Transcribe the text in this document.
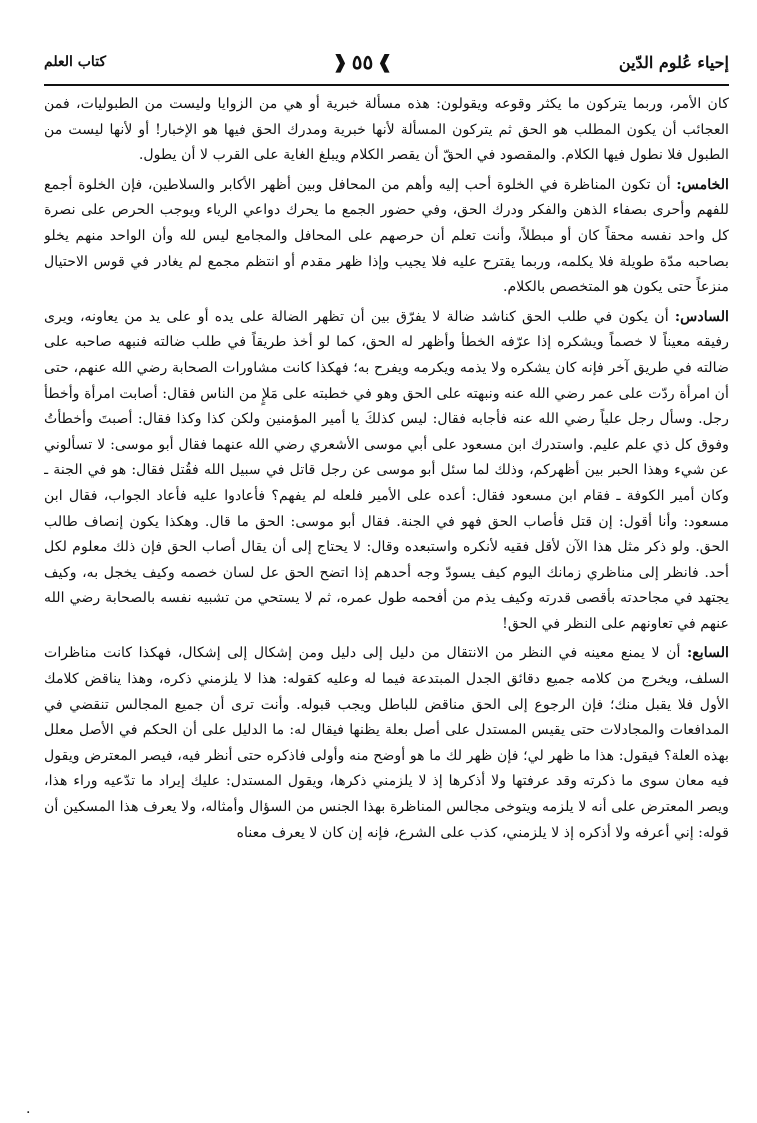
إحياء عُلوم الدّين
❱
٥٥
❰
كتاب العلم

كان الأمر، وربما يتركون ما يكثر وقوعه ويقولون: هذه مسألة خبرية أو هي من الزوايا وليست من الطبوليات، فمن العجائب أن يكون المطلب هو الحق ثم يتركون المسألة لأنها خبرية ومدرك الحق فيها هو الإخبار! أو لأنها ليست من الطبول فلا نطول فيها الكلام. والمقصود في الحقّ أن يقصر الكلام ويبلغ الغاية على القرب لا أن يطول.

الخامس: أن تكون المناظرة في الخلوة أحب إليه وأهم من المحافل وبين أظهر الأكابر والسلاطين، فإن الخلوة أجمع للفهم وأحرى بصفاء الذهن والفكر ودرك الحق، وفي حضور الجمع ما يحرك دواعي الرياء ويوجب الحرص على نصرة كل واحد نفسه محقاً كان أو مبطلاً، وأنت تعلم أن حرصهم على المحافل والمجامع ليس لله وأن الواحد منهم يخلو بصاحبه مدّة طويلة فلا يكلمه، وربما يقترح عليه فلا يجيب وإذا ظهر مقدم أو انتظم مجمع لم يغادر في قوس الاحتيال منزعاً حتى يكون هو المتخصص بالكلام.

السادس: أن يكون في طلب الحق كناشد ضالة لا يفرّق بين أن تظهر الضالة على يده أو على يد من يعاونه، ويرى رفيقه معيناً لا خصماً ويشكره إذا عرّفه الخطأ وأظهر له الحق، كما لو أخذ طريقاً في طلب ضالته فنبهه صاحبه على ضالته في طريق آخر فإنه كان يشكره ولا يذمه ويكرمه ويفرح به؛ فهكذا كانت مشاورات الصحابة رضي الله عنهم، حتى أن امرأة ردّت على عمر رضي الله عنه ونبهته على الحق وهو في خطبته على مَلإٍ من الناس فقال: أصابت امرأة وأخطأ رجل. وسأل رجل علياً رضي الله عنه فأجابه فقال: ليس كذلكَ يا أمير المؤمنين ولكن كذا وكذا فقال: أصبتَ وأخطأتُ وفوق كل ذي علم عليم. واستدرك ابن مسعود على أبي موسى الأشعري رضي الله عنهما فقال أبو موسى: لا تسألوني عن شيء وهذا الحبر بين أظهركم، وذلك لما سئل أبو موسى عن رجل قاتل في سبيل الله فقُتل فقال: هو في الجنة ـ وكان أمير الكوفة ـ فقام ابن مسعود فقال: أعده على الأمير فلعله لم يفهم؟ فأعادوا عليه فأعاد الجواب، فقال ابن مسعود: وأنا أقول: إن قتل فأصاب الحق فهو في الجنة. فقال أبو موسى: الحق ما قال. وهكذا يكون إنصاف طالب الحق. ولو ذكر مثل هذا الآن لأقل فقيه لأنكره واستبعده وقال: لا يحتاج إلى أن يقال أصاب الحق فإن ذلك معلوم لكل أحد. فانظر إلى مناظري زمانك اليوم كيف يسودّ وجه أحدهم إذا اتضح الحق عل لسان خصمه وكيف يخجل به، وكيف يجتهد في مجاحدته بأقصى قدرته وكيف يذم من أفحمه طول عمره، ثم لا يستحي من تشبيه نفسه بالصحابة رضي الله عنهم في تعاونهم على النظر في الحق!

السابع: أن لا يمنع معينه في النظر من الانتقال من دليل إلى دليل ومن إشكال إلى إشكال، فهكذا كانت مناظرات السلف، ويخرج من كلامه جميع دقائق الجدل المبتدعة فيما له وعليه كقوله: هذا لا يلزمني ذكره، وهذا يناقض كلامك الأول فلا يقبل منك؛ فإن الرجوع إلى الحق مناقض للباطل ويجب قبوله. وأنت ترى أن جميع المجالس تنقضي في المدافعات والمجادلات حتى يقيس المستدل على أصل بعلة يظنها فيقال له: ما الدليل على أن الحكم في الأصل معلل بهذه العلة؟ فيقول: هذا ما ظهر لي؛ فإن ظهر لك ما هو أوضح منه وأولى فاذكره حتى أنظر فيه، فيصر المعترض ويقول فيه معان سوى ما ذكرته وقد عرفتها ولا أذكرها إذ لا يلزمني ذكرها، ويقول المستدل: عليك إيراد ما تدّعيه وراء هذا، ويصر المعترض على أنه لا يلزمه ويتوخى مجالس المناظرة بهذا الجنس من السؤال وأمثاله، ولا يعرف هذا المسكين أن قوله: إني أعرفه ولا أذكره إذ لا يلزمني، كذب على الشرع، فإنه إن كان لا يعرف معناه

.
